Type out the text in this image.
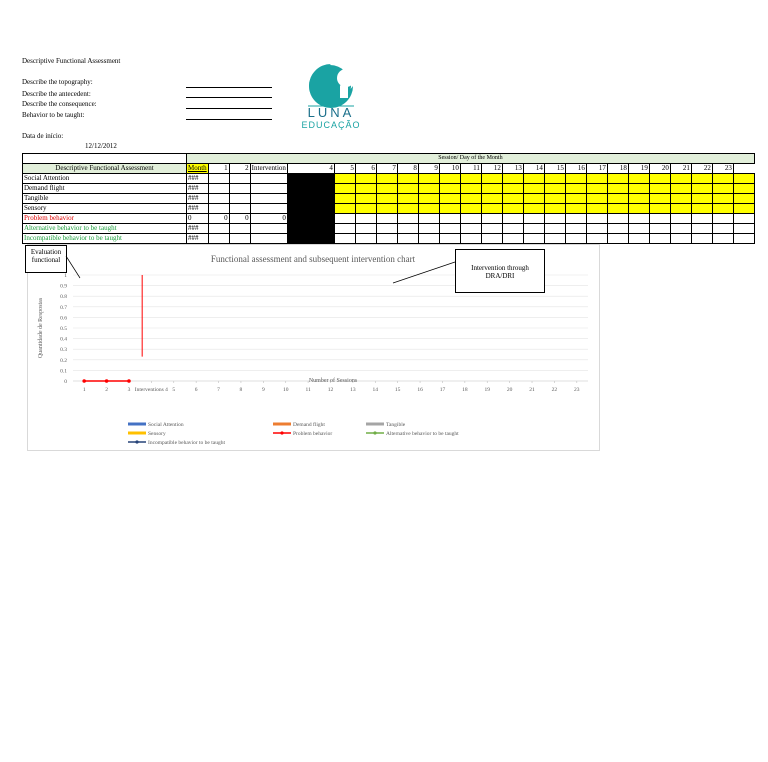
Descriptive Functional Assessment
Describe the topography:
Describe the antecedent:
Describe the consequence:
Behavior to be taught:
Data de início:
12/12/2012
LUNA
EDUCAÇÃO
	Session/ Day of the Month																								
Descriptive Functional Assessment	Month	1	2	Intervention	4	5	6	7	8	9	10	11	12	13	14	15	16	17	18	19	20	21	22	23	
Social Attention	###																								
Demand flight	###																								
Tangible	###																								
Sensory	###																								
Problem behavior	0	0	0	0																					
Alternative behavior to be taught	###																								
Incompatible behavior to be taught	###																								
Functional assessment and subsequent intervention chart
0
0.1
0.2
0.3
0.4
0.5
0.6
0.7
0.8
0.9
1
Quantidade de Respostas
1	2	3 Interventions 4 5	6	7	8	9	10	11	12	13	14	15	16	17	18	19	20	21	22	23
Number of Sessions
Social Attention	Demand flight	Tangible
Sensory	Problem behavior	Alternative behavior to be taught
Incompatible behavior to be taught
Evaluation functional
Intervention through DRA/DRI
